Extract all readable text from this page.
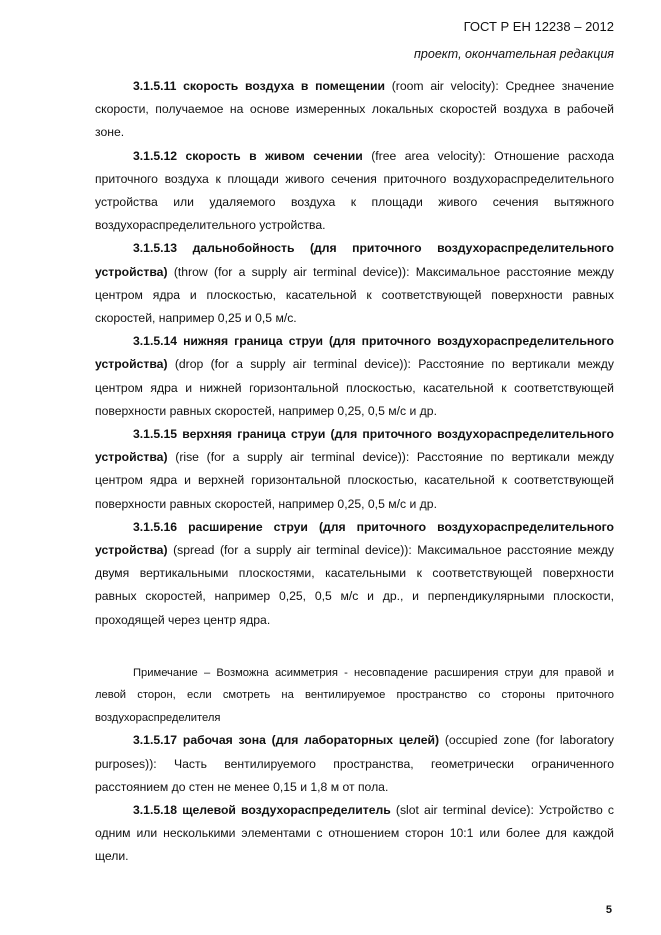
ГОСТ Р ЕН 12238 – 2012
проект, окончательная редакция

3.1.5.11 скорость воздуха в помещении (room air velocity): Среднее значение скорости, получаемое на основе измеренных локальных скоростей воздуха в рабочей зоне.

3.1.5.12 скорость в живом сечении (free area velocity): Отношение расхода приточного воздуха к площади живого сечения приточного воздухораспределительного устройства или удаляемого воздуха к площади живого сечения вытяжного воздухораспределительного устройства.

3.1.5.13 дальнобойность (для приточного воздухораспределительного устройства) (throw (for a supply air terminal device)): Максимальное расстояние между центром ядра и плоскостью, касательной к соответствующей поверхности равных скоростей, например 0,25 и 0,5 м/с.

3.1.5.14 нижняя граница струи (для приточного воздухораспределительного устройства) (drop (for a supply air terminal device)): Расстояние по вертикали между центром ядра и нижней горизонтальной плоскостью, касательной к соответствующей поверхности равных скоростей, например 0,25, 0,5 м/с и др.

3.1.5.15 верхняя граница струи (для приточного воздухораспределительного устройства) (rise (for a supply air terminal device)): Расстояние по вертикали между центром ядра и верхней горизонтальной плоскостью, касательной к соответствующей поверхности равных скоростей, например 0,25, 0,5 м/с и др.

3.1.5.16 расширение струи (для приточного воздухораспределительного устройства) (spread (for a supply air terminal device)): Максимальное расстояние между двумя вертикальными плоскостями, касательными к соответствующей поверхности равных скоростей, например 0,25, 0,5 м/с и др., и перпендикулярными плоскости, проходящей через центр ядра.

Примечание – Возможна асимметрия - несовпадение расширения струи для правой и левой сторон, если смотреть на вентилируемое пространство со стороны приточного воздухораспределителя

3.1.5.17 рабочая зона (для лабораторных целей) (occupied zone (for laboratory purposes)): Часть вентилируемого пространства, геометрически ограниченного расстоянием до стен не менее 0,15 и 1,8 м от пола.

3.1.5.18 щелевой воздухораспределитель (slot air terminal device): Устройство с одним или несколькими элементами с отношением сторон 10:1 или более для каждой щели.

5
